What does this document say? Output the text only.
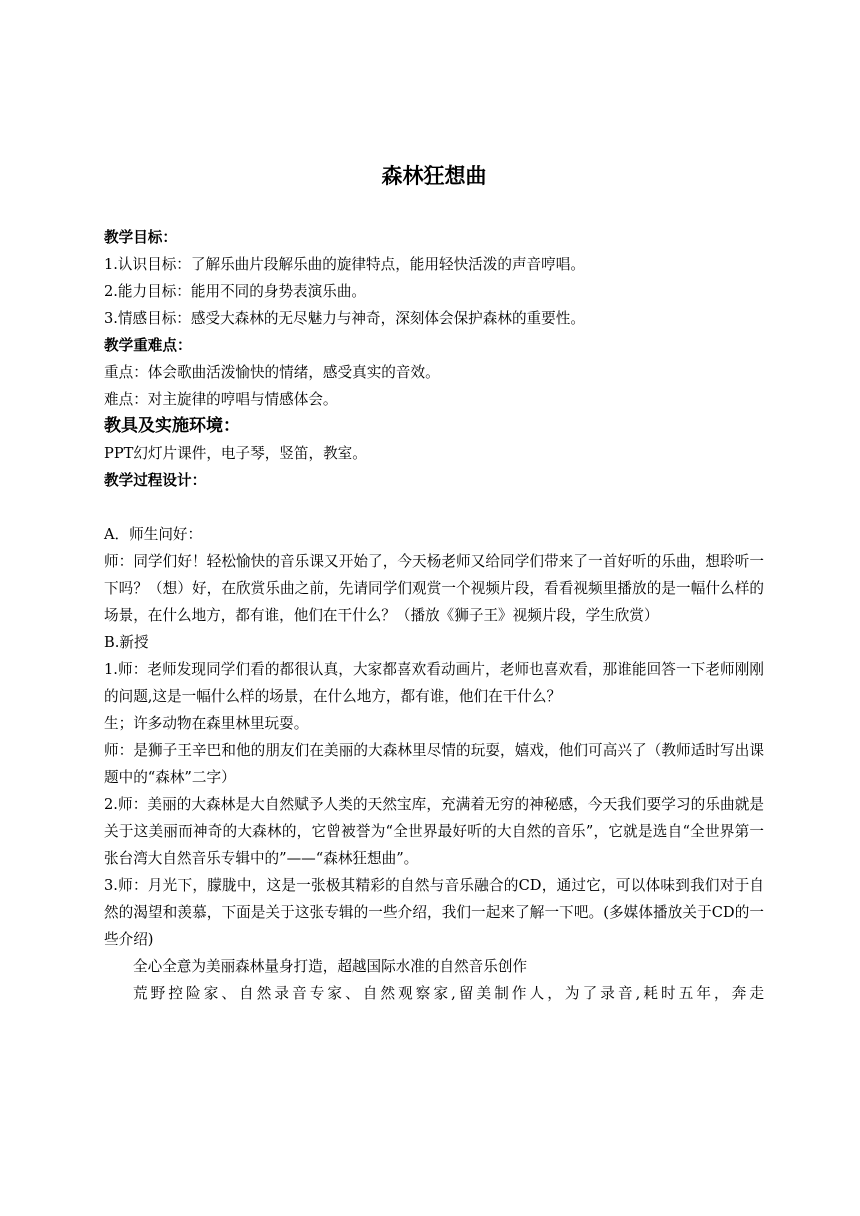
森林狂想曲

教学目标：

1.认识目标：了解乐曲片段解乐曲的旋律特点，能用轻快活泼的声音哼唱。

2.能力目标：能用不同的身势表演乐曲。

3.情感目标：感受大森林的无尽魅力与神奇，深刻体会保护森林的重要性。

教学重难点：

重点：体会歌曲活泼愉快的情绪，感受真实的音效。

难点：对主旋律的哼唱与情感体会。

教具及实施环境：

PPT幻灯片课件，电子琴，竖笛，教室。

教学过程设计：

A．师生问好：

师：同学们好！轻松愉快的音乐课又开始了，今天杨老师又给同学们带来了一首好听的乐曲，想聆听一下吗？（想）好，在欣赏乐曲之前，先请同学们观赏一个视频片段，看看视频里播放的是一幅什么样的场景，在什么地方，都有谁，他们在干什么？（播放《狮子王》视频片段，学生欣赏）

B.新授

1.师：老师发现同学们看的都很认真，大家都喜欢看动画片，老师也喜欢看，那谁能回答一下老师刚刚的问题,这是一幅什么样的场景，在什么地方，都有谁，他们在干什么？

生；许多动物在森里林里玩耍。

师：是狮子王辛巴和他的朋友们在美丽的大森林里尽情的玩耍，嬉戏，他们可高兴了（教师适时写出课题中的“森林”二字）

2.师：美丽的大森林是大自然赋予人类的天然宝库，充满着无穷的神秘感，今天我们要学习的乐曲就是关于这美丽而神奇的大森林的，它曾被誉为“全世界最好听的大自然的音乐”，它就是选自“全世界第一张台湾大自然音乐专辑中的”——“森林狂想曲”。

3.师：月光下，朦胧中，这是一张极其精彩的自然与音乐融合的CD，通过它，可以体味到我们对于自然的渴望和羡慕，下面是关于这张专辑的一些介绍，我们一起来了解一下吧。(多媒体播放关于CD的一些介绍)

全心全意为美丽森林量身打造，超越国际水准的自然音乐创作

荒野控险家、自然录音专家、自然观察家,留美制作人，为了录音,耗时五年，奔走
